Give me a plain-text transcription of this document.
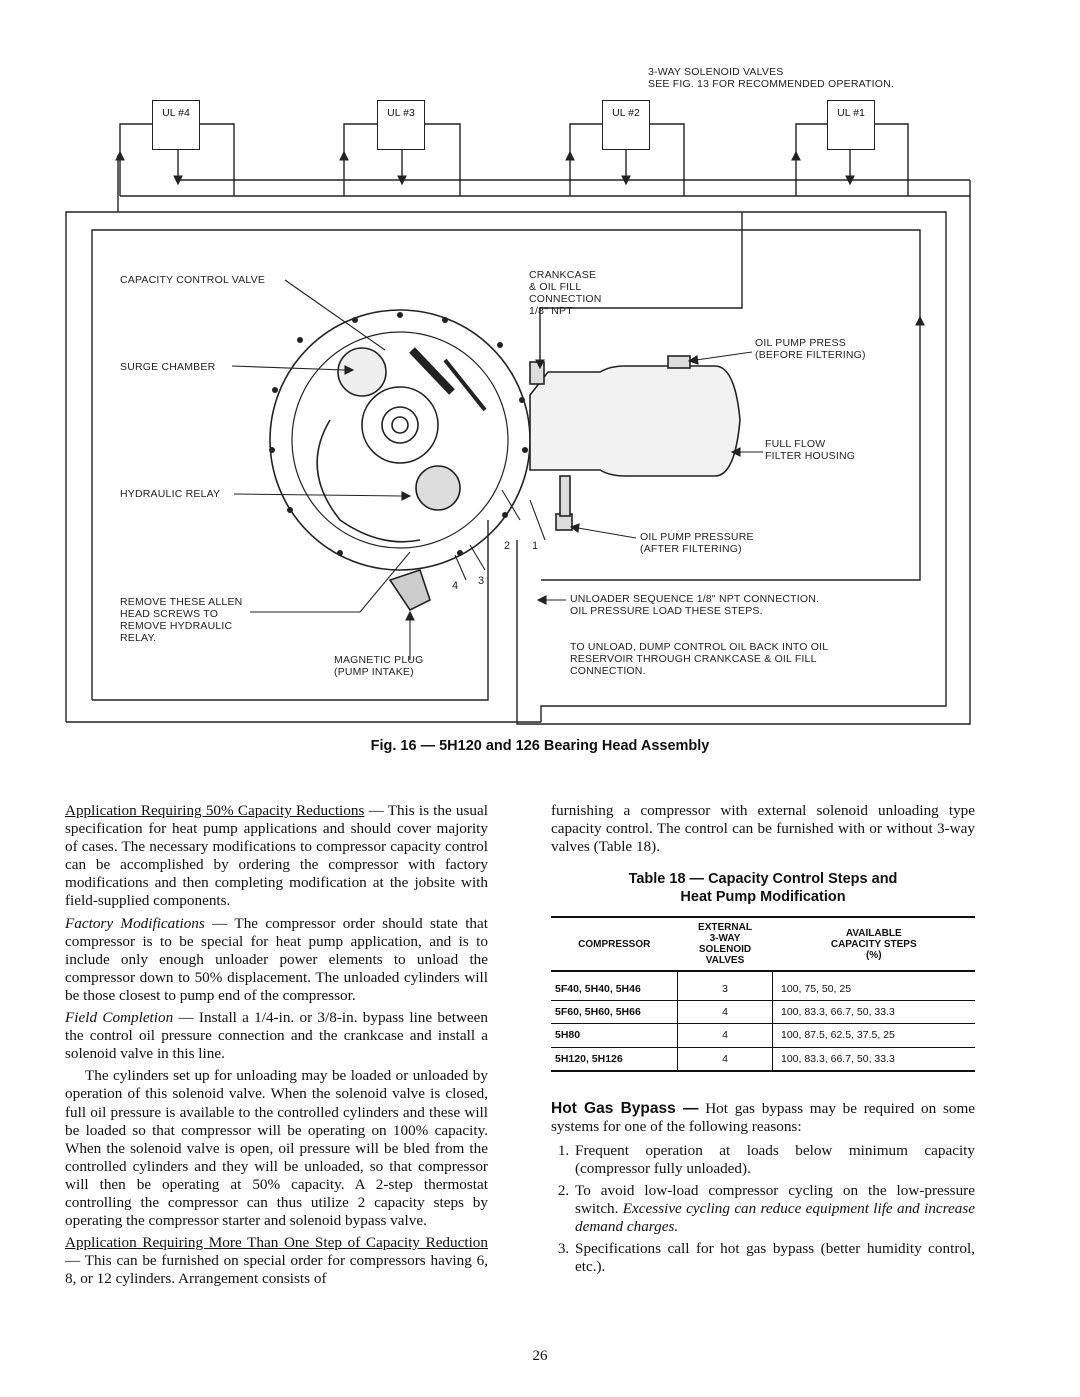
3-WAY SOLENOID VALVES
SEE FIG. 13 FOR RECOMMENDED OPERATION.
UL #4	UL #3	UL #2	UL #1
CAPACITY CONTROL VALVE
SURGE CHAMBER
HYDRAULIC RELAY
REMOVE THESE ALLEN
HEAD SCREWS TO
REMOVE HYDRAULIC
RELAY.
MAGNETIC PLUG
(PUMP INTAKE)
CRANKCASE
& OIL FILL
CONNECTION
1/8" NPT
OIL PUMP PRESS
(BEFORE FILTERING)
FULL FLOW
FILTER HOUSING
OIL PUMP PRESSURE
(AFTER FILTERING)
UNLOADER SEQUENCE 1/8" NPT CONNECTION.
OIL PRESSURE LOAD THESE STEPS.
TO UNLOAD, DUMP CONTROL OIL BACK INTO OIL
RESERVOIR THROUGH CRANKCASE & OIL FILL
CONNECTION.
1
2
3
4
Fig. 16 — 5H120 and 126 Bearing Head Assembly

Application Requiring 50% Capacity Reductions — This is the usual specification for heat pump applications and should cover majority of cases. The necessary modifications to compressor capacity control can be accomplished by ordering the compressor with factory modifications and then completing modification at the jobsite with field-supplied components.

Factory Modifications — The compressor order should state that compressor is to be special for heat pump application, and is to include only enough unloader power elements to unload the compressor down to 50% displacement. The unloaded cylinders will be those closest to pump end of the compressor.

Field Completion — Install a 1/4-in. or 3/8-in. bypass line between the control oil pressure connection and the crankcase and install a solenoid valve in this line.

The cylinders set up for unloading may be loaded or unloaded by operation of this solenoid valve. When the solenoid valve is closed, full oil pressure is available to the controlled cylinders and these will be loaded so that compressor will be operating on 100% capacity. When the solenoid valve is open, oil pressure will be bled from the controlled cylinders and they will be unloaded, so that compressor will then be operating at 50% capacity. A 2-step thermostat controlling the compressor can thus utilize 2 capacity steps by operating the compressor starter and solenoid bypass valve.

Application Requiring More Than One Step of Capacity Reduction — This can be furnished on special order for compressors having 6, 8, or 12 cylinders. Arrangement consists of

furnishing a compressor with external solenoid unloading type capacity control. The control can be furnished with or without 3-way valves (Table 18).

Table 18 — Capacity Control Steps and
Heat Pump Modification
COMPRESSOR	EXTERNAL
3-WAY
SOLENOID
VALVES	AVAILABLE
CAPACITY STEPS
(%)
5F40, 5H40, 5H46	3	100, 75, 50, 25
5F60, 5H60, 5H66	4	100, 83.3, 66.7, 50, 33.3
5H80	4	100, 87.5, 62.5, 37.5, 25
5H120, 5H126	4	100, 83.3, 66.7, 50, 33.3

Hot Gas Bypass — Hot gas bypass may be required on some systems for one of the following reasons:

1. Frequent operation at loads below minimum capacity (compressor fully unloaded).
2. To avoid low-load compressor cycling on the low-pressure switch. Excessive cycling can reduce equipment life and increase demand charges.
3. Specifications call for hot gas bypass (better humidity control, etc.).
26
